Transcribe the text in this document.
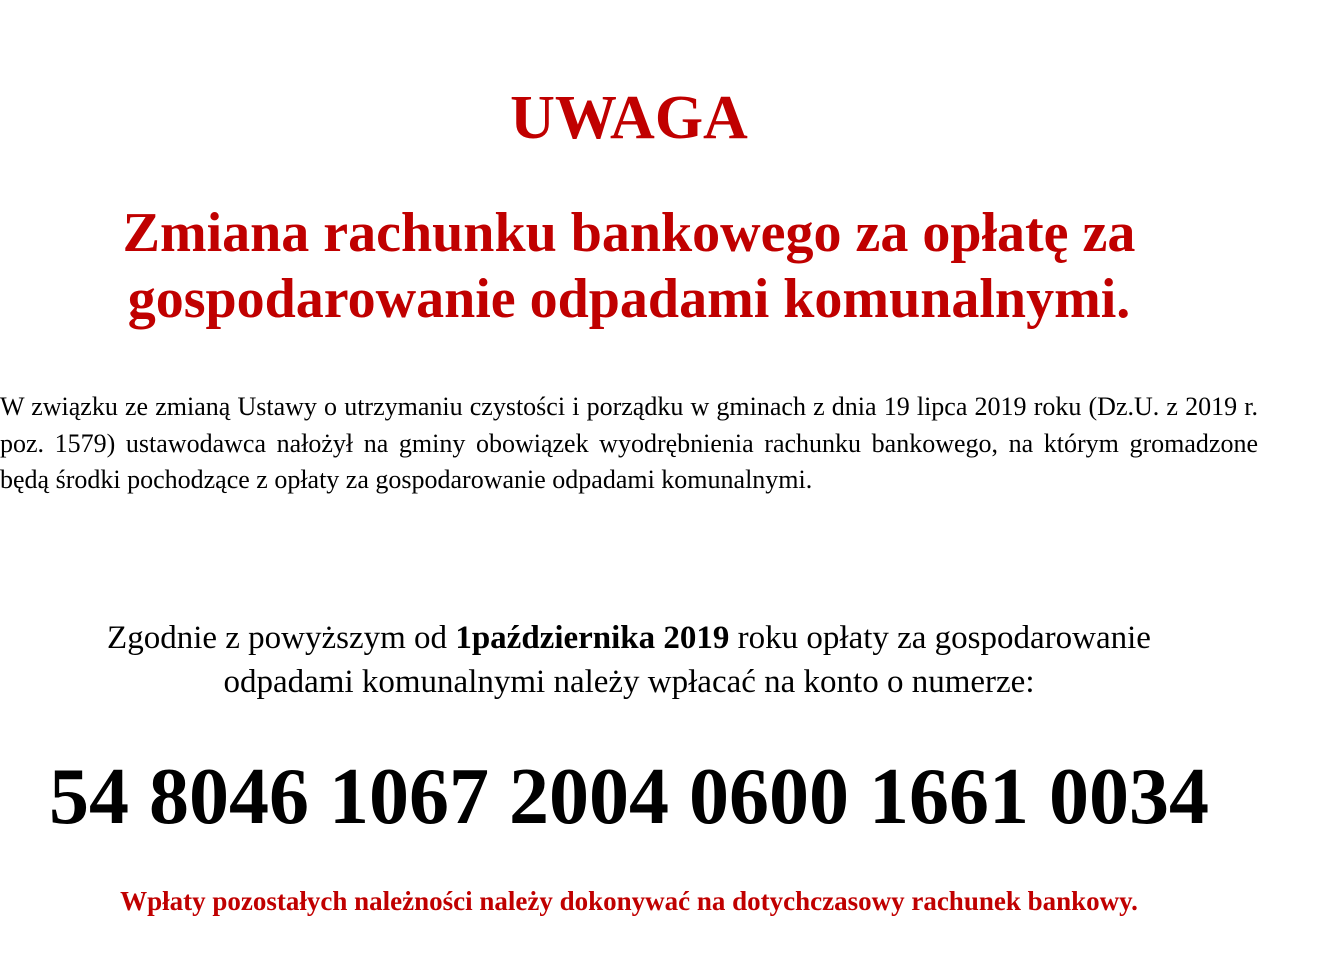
UWAGA
Zmiana rachunku bankowego za opłatę za
gospodarowanie odpadami komunalnymi.

W związku ze zmianą Ustawy o utrzymaniu czystości i porządku w gminach z dnia 19 lipca 2019 roku (Dz.U. z 2019 r. poz. 1579) ustawodawca nałożył na gminy obowiązek wyodrębnienia rachunku bankowego, na którym gromadzone będą środki pochodzące z opłaty za gospodarowanie odpadami komunalnymi.

Zgodnie z powyższym od 1października 2019 roku opłaty za gospodarowanie
odpadami komunalnymi należy wpłacać na konto o numerze:

54 8046 1067 2004 0600 1661 0034

Wpłaty pozostałych należności należy dokonywać na dotychczasowy rachunek bankowy.
